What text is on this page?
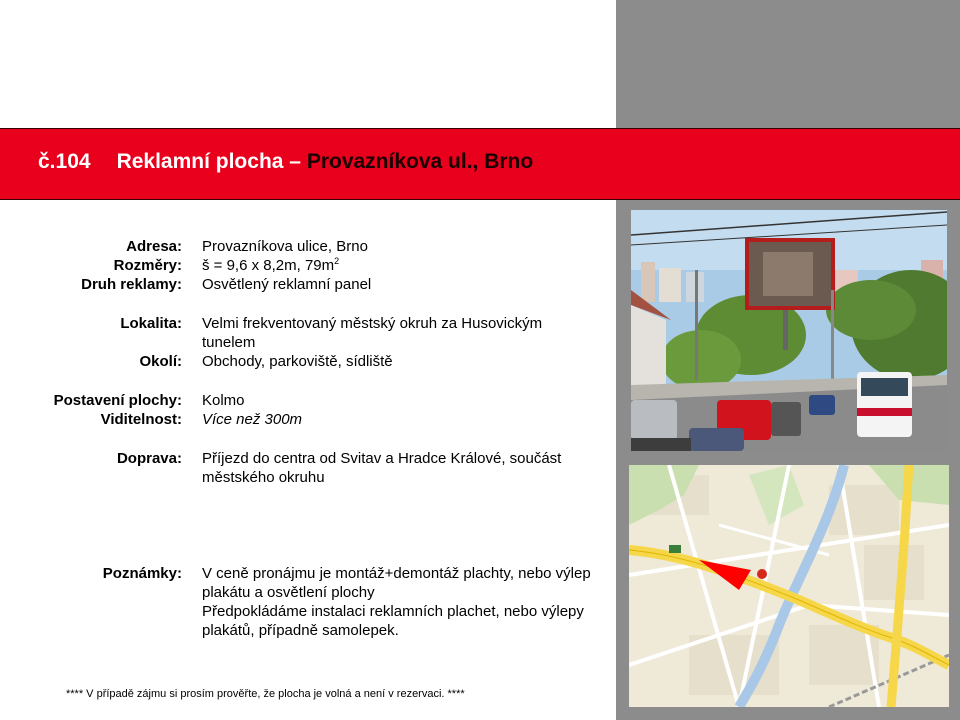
č.104 Reklamní plocha – Provazníkova ul., Brno
Adresa: Provazníkova ulice, Brno
Rozměry: š = 9,6 x 8,2m, $79m^2$
Druh reklamy: Osvětlený reklamní panel
Lokalita: Velmi frekventovaný městský okruh za Husovickým tunelem
Okolí: Obchody, parkoviště, sídliště
Postavení plochy: Kolmo
Viditelnost: Více než 300m
Doprava: Příjezd do centra od Svitav a Hradce Králové, součást městského okruhu
Poznámky: V ceně pronájmu je montáž+demontáž plachty, nebo výlep plakátu a osvětlení plochy
Předpokládáme instalaci reklamních plachet, nebo výlepy plakátů, případně samolepek.
**** V případě zájmu si prosím prověřte, že plocha je volná a není v rezervaci. ****
